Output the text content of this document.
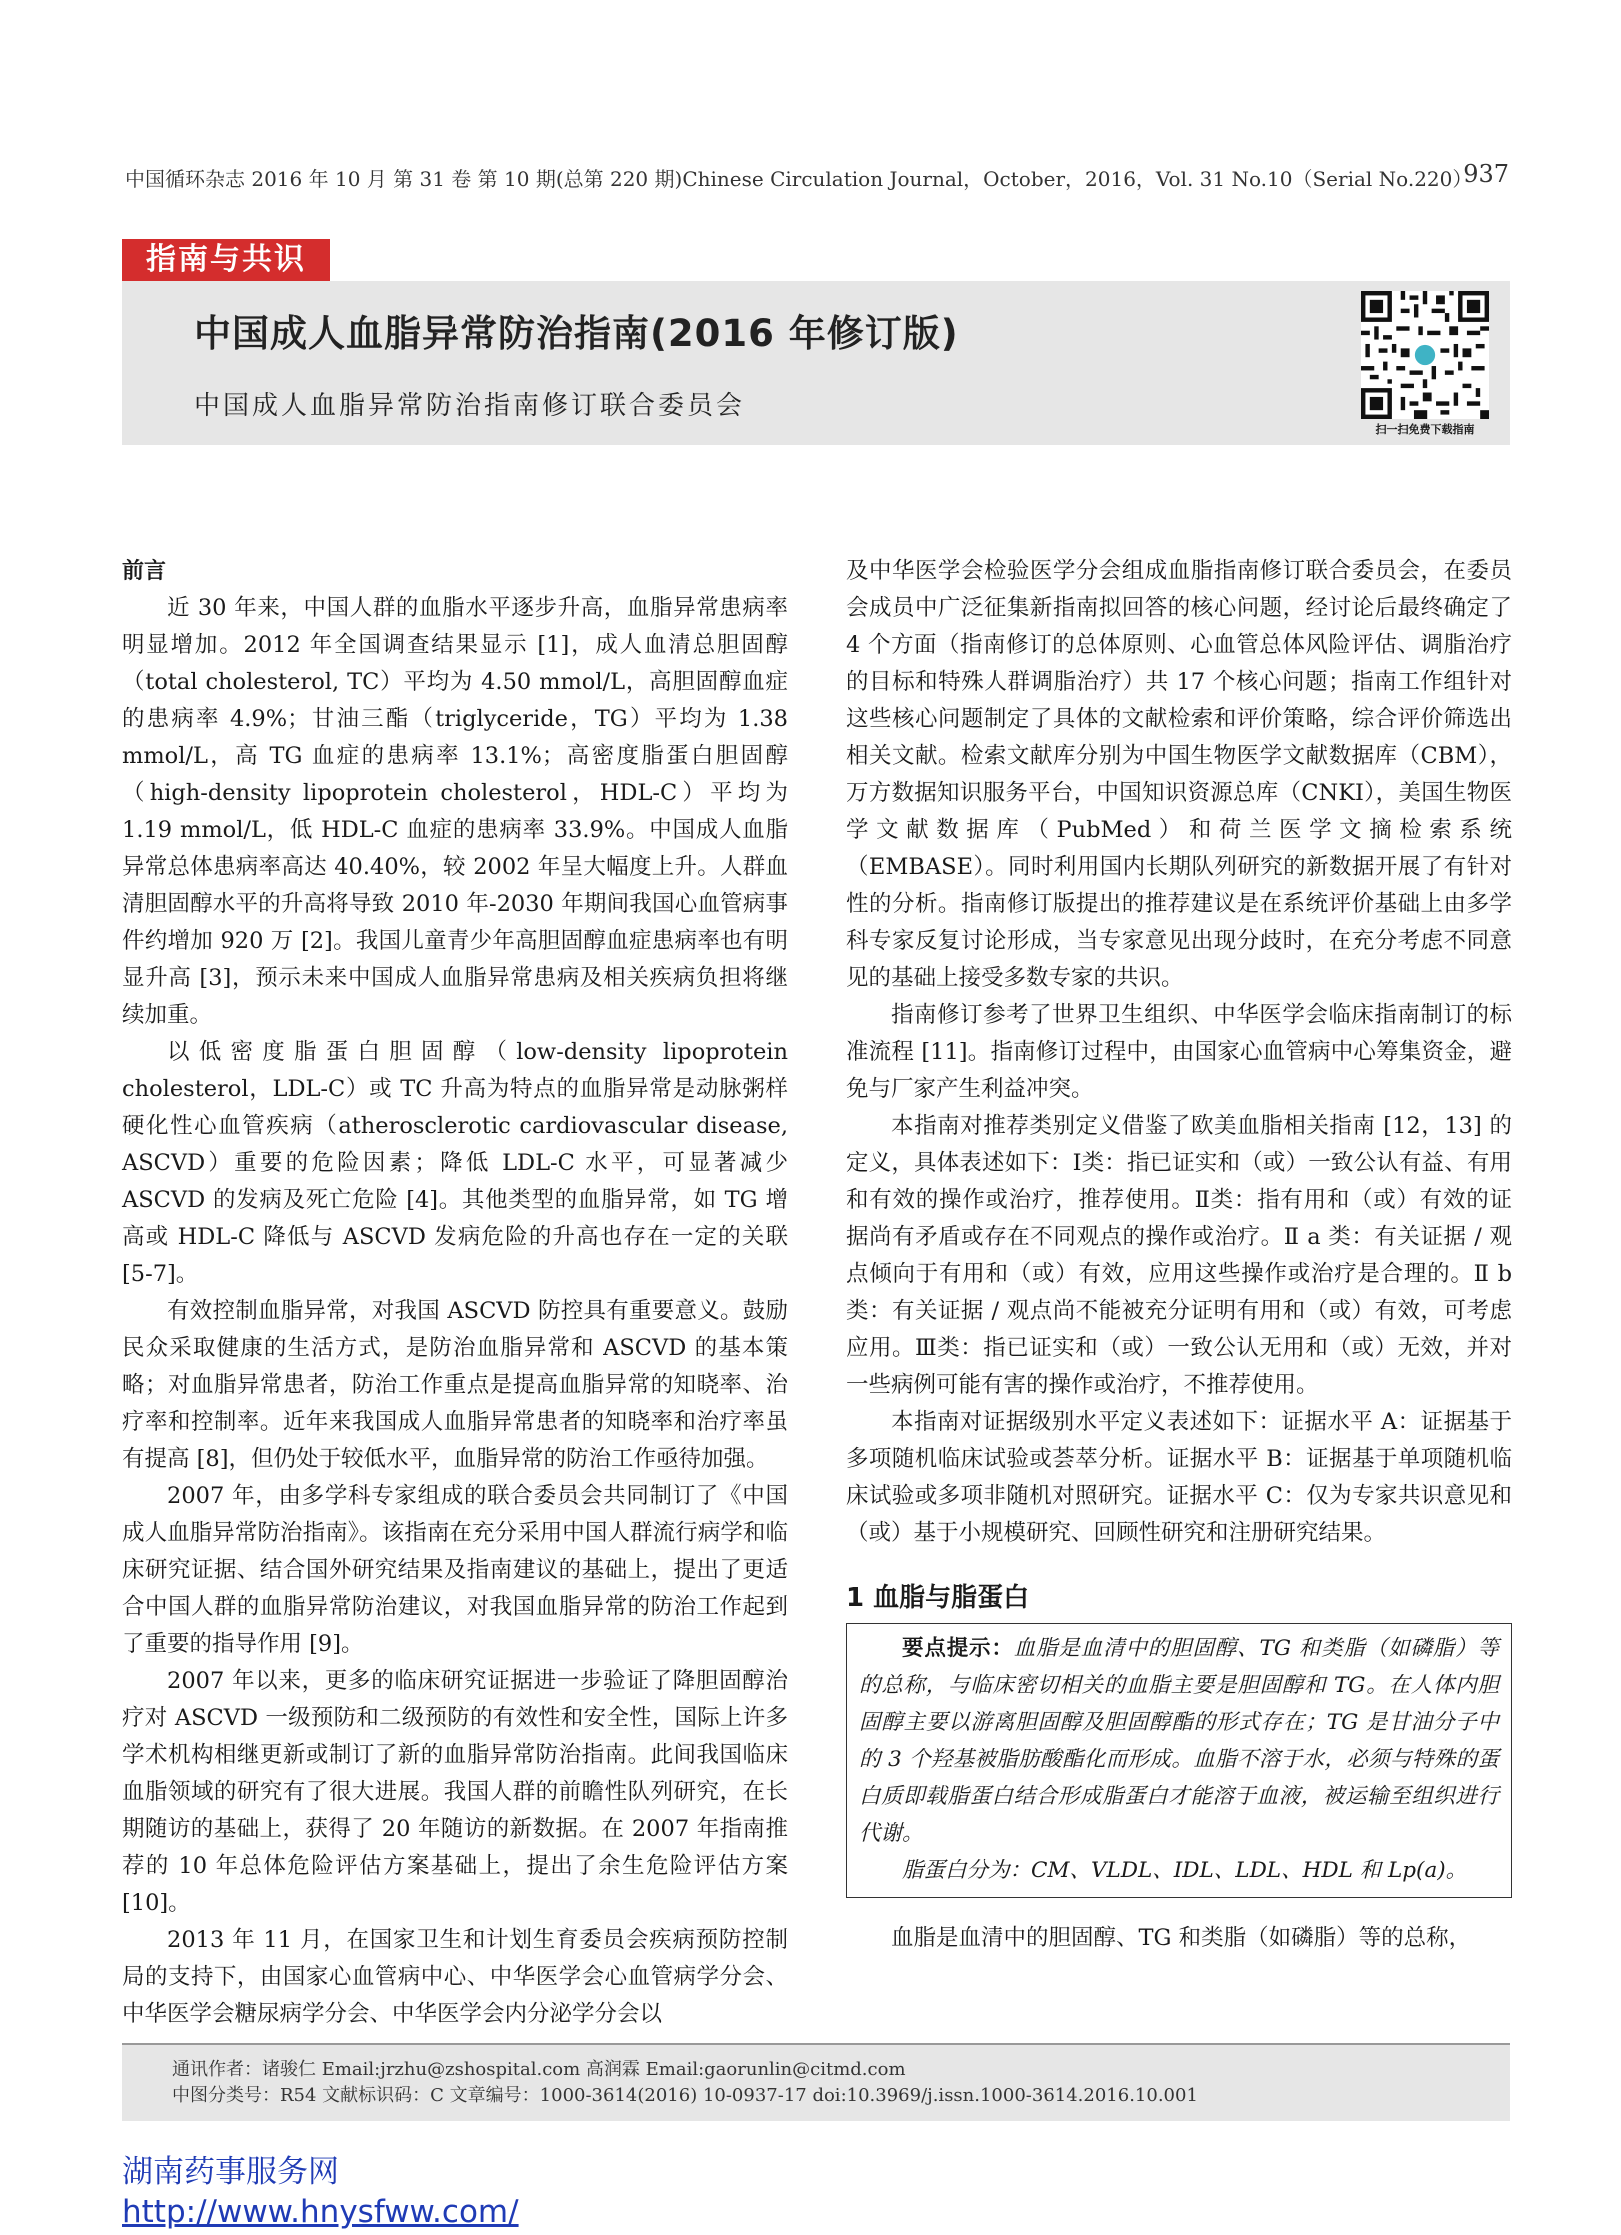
中国循环杂志 2016 年 10 月 第 31 卷 第 10 期(总第 220 期)Chinese Circulation Journal，October，2016，Vol. 31 No.10（Serial No.220）
937
指南与共识
中国成人血脂异常防治指南(2016 年修订版)
中国成人血脂异常防治指南修订联合委员会
扫一扫免费下载指南

前言

近 30 年来，中国人群的血脂水平逐步升高，血脂异常患病率明显增加。2012 年全国调查结果显示 [1]，成人血清总胆固醇（total cholesterol, TC）平均为 4.50 mmol/L，高胆固醇血症的患病率 4.9%；甘油三酯（triglyceride，TG）平均为 1.38 mmol/L，高 TG 血症的患病率 13.1%；高密度脂蛋白胆固醇（high-density lipoprotein cholesterol，HDL-C）平均为 1.19 mmol/L，低 HDL-C 血症的患病率 33.9%。中国成人血脂异常总体患病率高达 40.40%，较 2002 年呈大幅度上升。人群血清胆固醇水平的升高将导致 2010 年-2030 年期间我国心血管病事件约增加 920 万 [2]。我国儿童青少年高胆固醇血症患病率也有明显升高 [3]，预示未来中国成人血脂异常患病及相关疾病负担将继续加重。

以低密度脂蛋白胆固醇（low-density lipoprotein cholesterol，LDL-C）或 TC 升高为特点的血脂异常是动脉粥样硬化性心血管疾病（atherosclerotic cardiovascular disease, ASCVD）重要的危险因素；降低 LDL-C 水平，可显著减少 ASCVD 的发病及死亡危险 [4]。其他类型的血脂异常，如 TG 增高或 HDL-C 降低与 ASCVD 发病危险的升高也存在一定的关联 [5-7]。

有效控制血脂异常，对我国 ASCVD 防控具有重要意义。鼓励民众采取健康的生活方式，是防治血脂异常和 ASCVD 的基本策略；对血脂异常患者，防治工作重点是提高血脂异常的知晓率、治疗率和控制率。近年来我国成人血脂异常患者的知晓率和治疗率虽有提高 [8]，但仍处于较低水平，血脂异常的防治工作亟待加强。

2007 年，由多学科专家组成的联合委员会共同制订了《中国成人血脂异常防治指南》。该指南在充分采用中国人群流行病学和临床研究证据、结合国外研究结果及指南建议的基础上，提出了更适合中国人群的血脂异常防治建议，对我国血脂异常的防治工作起到了重要的指导作用 [9]。

2007 年以来，更多的临床研究证据进一步验证了降胆固醇治疗对 ASCVD 一级预防和二级预防的有效性和安全性，国际上许多学术机构相继更新或制订了新的血脂异常防治指南。此间我国临床血脂领域的研究有了很大进展。我国人群的前瞻性队列研究，在长期随访的基础上，获得了 20 年随访的新数据。在 2007 年指南推荐的 10 年总体危险评估方案基础上，提出了余生危险评估方案 [10]。

2013 年 11 月，在国家卫生和计划生育委员会疾病预防控制局的支持下，由国家心血管病中心、中华医学会心血管病学分会、中华医学会糖尿病学分会、中华医学会内分泌学分会以

及中华医学会检验医学分会组成血脂指南修订联合委员会，在委员会成员中广泛征集新指南拟回答的核心问题，经讨论后最终确定了 4 个方面（指南修订的总体原则、心血管总体风险评估、调脂治疗的目标和特殊人群调脂治疗）共 17 个核心问题；指南工作组针对这些核心问题制定了具体的文献检索和评价策略，综合评价筛选出相关文献。检索文献库分别为中国生物医学文献数据库（CBM），万方数据知识服务平台，中国知识资源总库（CNKI），美国生物医学文献数据库（PubMed）和荷兰医学文摘检索系统（EMBASE）。同时利用国内长期队列研究的新数据开展了有针对性的分析。指南修订版提出的推荐建议是在系统评价基础上由多学科专家反复讨论形成，当专家意见出现分歧时，在充分考虑不同意见的基础上接受多数专家的共识。

指南修订参考了世界卫生组织、中华医学会临床指南制订的标准流程 [11]。指南修订过程中，由国家心血管病中心筹集资金，避免与厂家产生利益冲突。

本指南对推荐类别定义借鉴了欧美血脂相关指南 [12，13] 的定义，具体表述如下：Ⅰ类：指已证实和（或）一致公认有益、有用和有效的操作或治疗，推荐使用。Ⅱ类：指有用和（或）有效的证据尚有矛盾或存在不同观点的操作或治疗。Ⅱ a 类：有关证据 / 观点倾向于有用和（或）有效，应用这些操作或治疗是合理的。Ⅱ b 类：有关证据 / 观点尚不能被充分证明有用和（或）有效，可考虑应用。Ⅲ类：指已证实和（或）一致公认无用和（或）无效，并对一些病例可能有害的操作或治疗，不推荐使用。

本指南对证据级别水平定义表述如下：证据水平 A：证据基于多项随机临床试验或荟萃分析。证据水平 B：证据基于单项随机临床试验或多项非随机对照研究。证据水平 C：仅为专家共识意见和（或）基于小规模研究、回顾性研究和注册研究结果。

1 血脂与脂蛋白

要点提示：血脂是血清中的胆固醇、TG 和类脂（如磷脂）等的总称，与临床密切相关的血脂主要是胆固醇和 TG。在人体内胆固醇主要以游离胆固醇及胆固醇酯的形式存在；TG 是甘油分子中的 3 个羟基被脂肪酸酯化而形成。血脂不溶于水，必须与特殊的蛋白质即载脂蛋白结合形成脂蛋白才能溶于血液，被运输至组织进行代谢。

脂蛋白分为：CM、VLDL、IDL、LDL、HDL 和 Lp(a)。

血脂是血清中的胆固醇、TG 和类脂（如磷脂）等的总称，

通讯作者：诸骏仁 Email:jrzhu@zshospital.com 高润霖 Email:gaorunlin@citmd.com
中图分类号：R54 文献标识码：C 文章编号：1000-3614(2016) 10-0937-17 doi:10.3969/j.issn.1000-3614.2016.10.001
湖南药事服务网
http://www.hnysfww.com/
